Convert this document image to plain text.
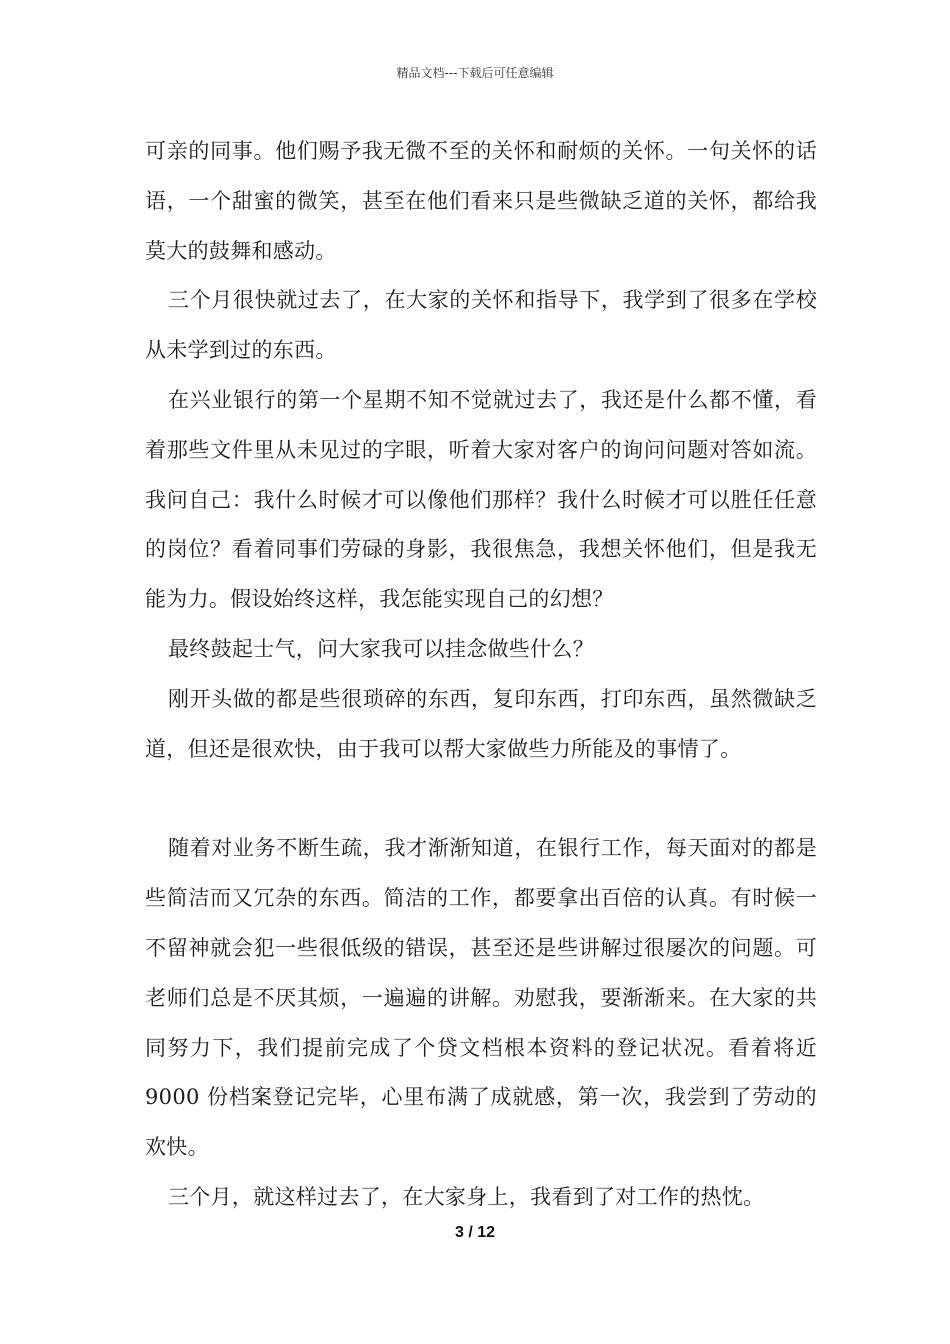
精品文档---下载后可任意编辑

可亲的同事。他们赐予我无微不至的关怀和耐烦的关怀。一句关怀的话语，一个甜蜜的微笑，甚至在他们看来只是些微缺乏道的关怀，都给我莫大的鼓舞和感动。

三个月很快就过去了，在大家的关怀和指导下，我学到了很多在学校从未学到过的东西。

在兴业银行的第一个星期不知不觉就过去了，我还是什么都不懂，看着那些文件里从未见过的字眼，听着大家对客户的询问问题对答如流。我问自己：我什么时候才可以像他们那样？我什么时候才可以胜任任意的岗位？看着同事们劳碌的身影，我很焦急，我想关怀他们，但是我无能为力。假设始终这样，我怎能实现自己的幻想？

最终鼓起士气，问大家我可以挂念做些什么？

刚开头做的都是些很琐碎的东西，复印东西，打印东西，虽然微缺乏道，但还是很欢快，由于我可以帮大家做些力所能及的事情了。

随着对业务不断生疏，我才渐渐知道，在银行工作，每天面对的都是些简洁而又冗杂的东西。简洁的工作，都要拿出百倍的认真。有时候一不留神就会犯一些很低级的错误，甚至还是些讲解过很屡次的问题。可老师们总是不厌其烦，一遍遍的讲解。劝慰我，要渐渐来。在大家的共同努力下，我们提前完成了个贷文档根本资料的登记状况。看着将近 9000 份档案登记完毕，心里布满了成就感，第一次，我尝到了劳动的欢快。

三个月，就这样过去了，在大家身上，我看到了对工作的热忱。

3 / 12
